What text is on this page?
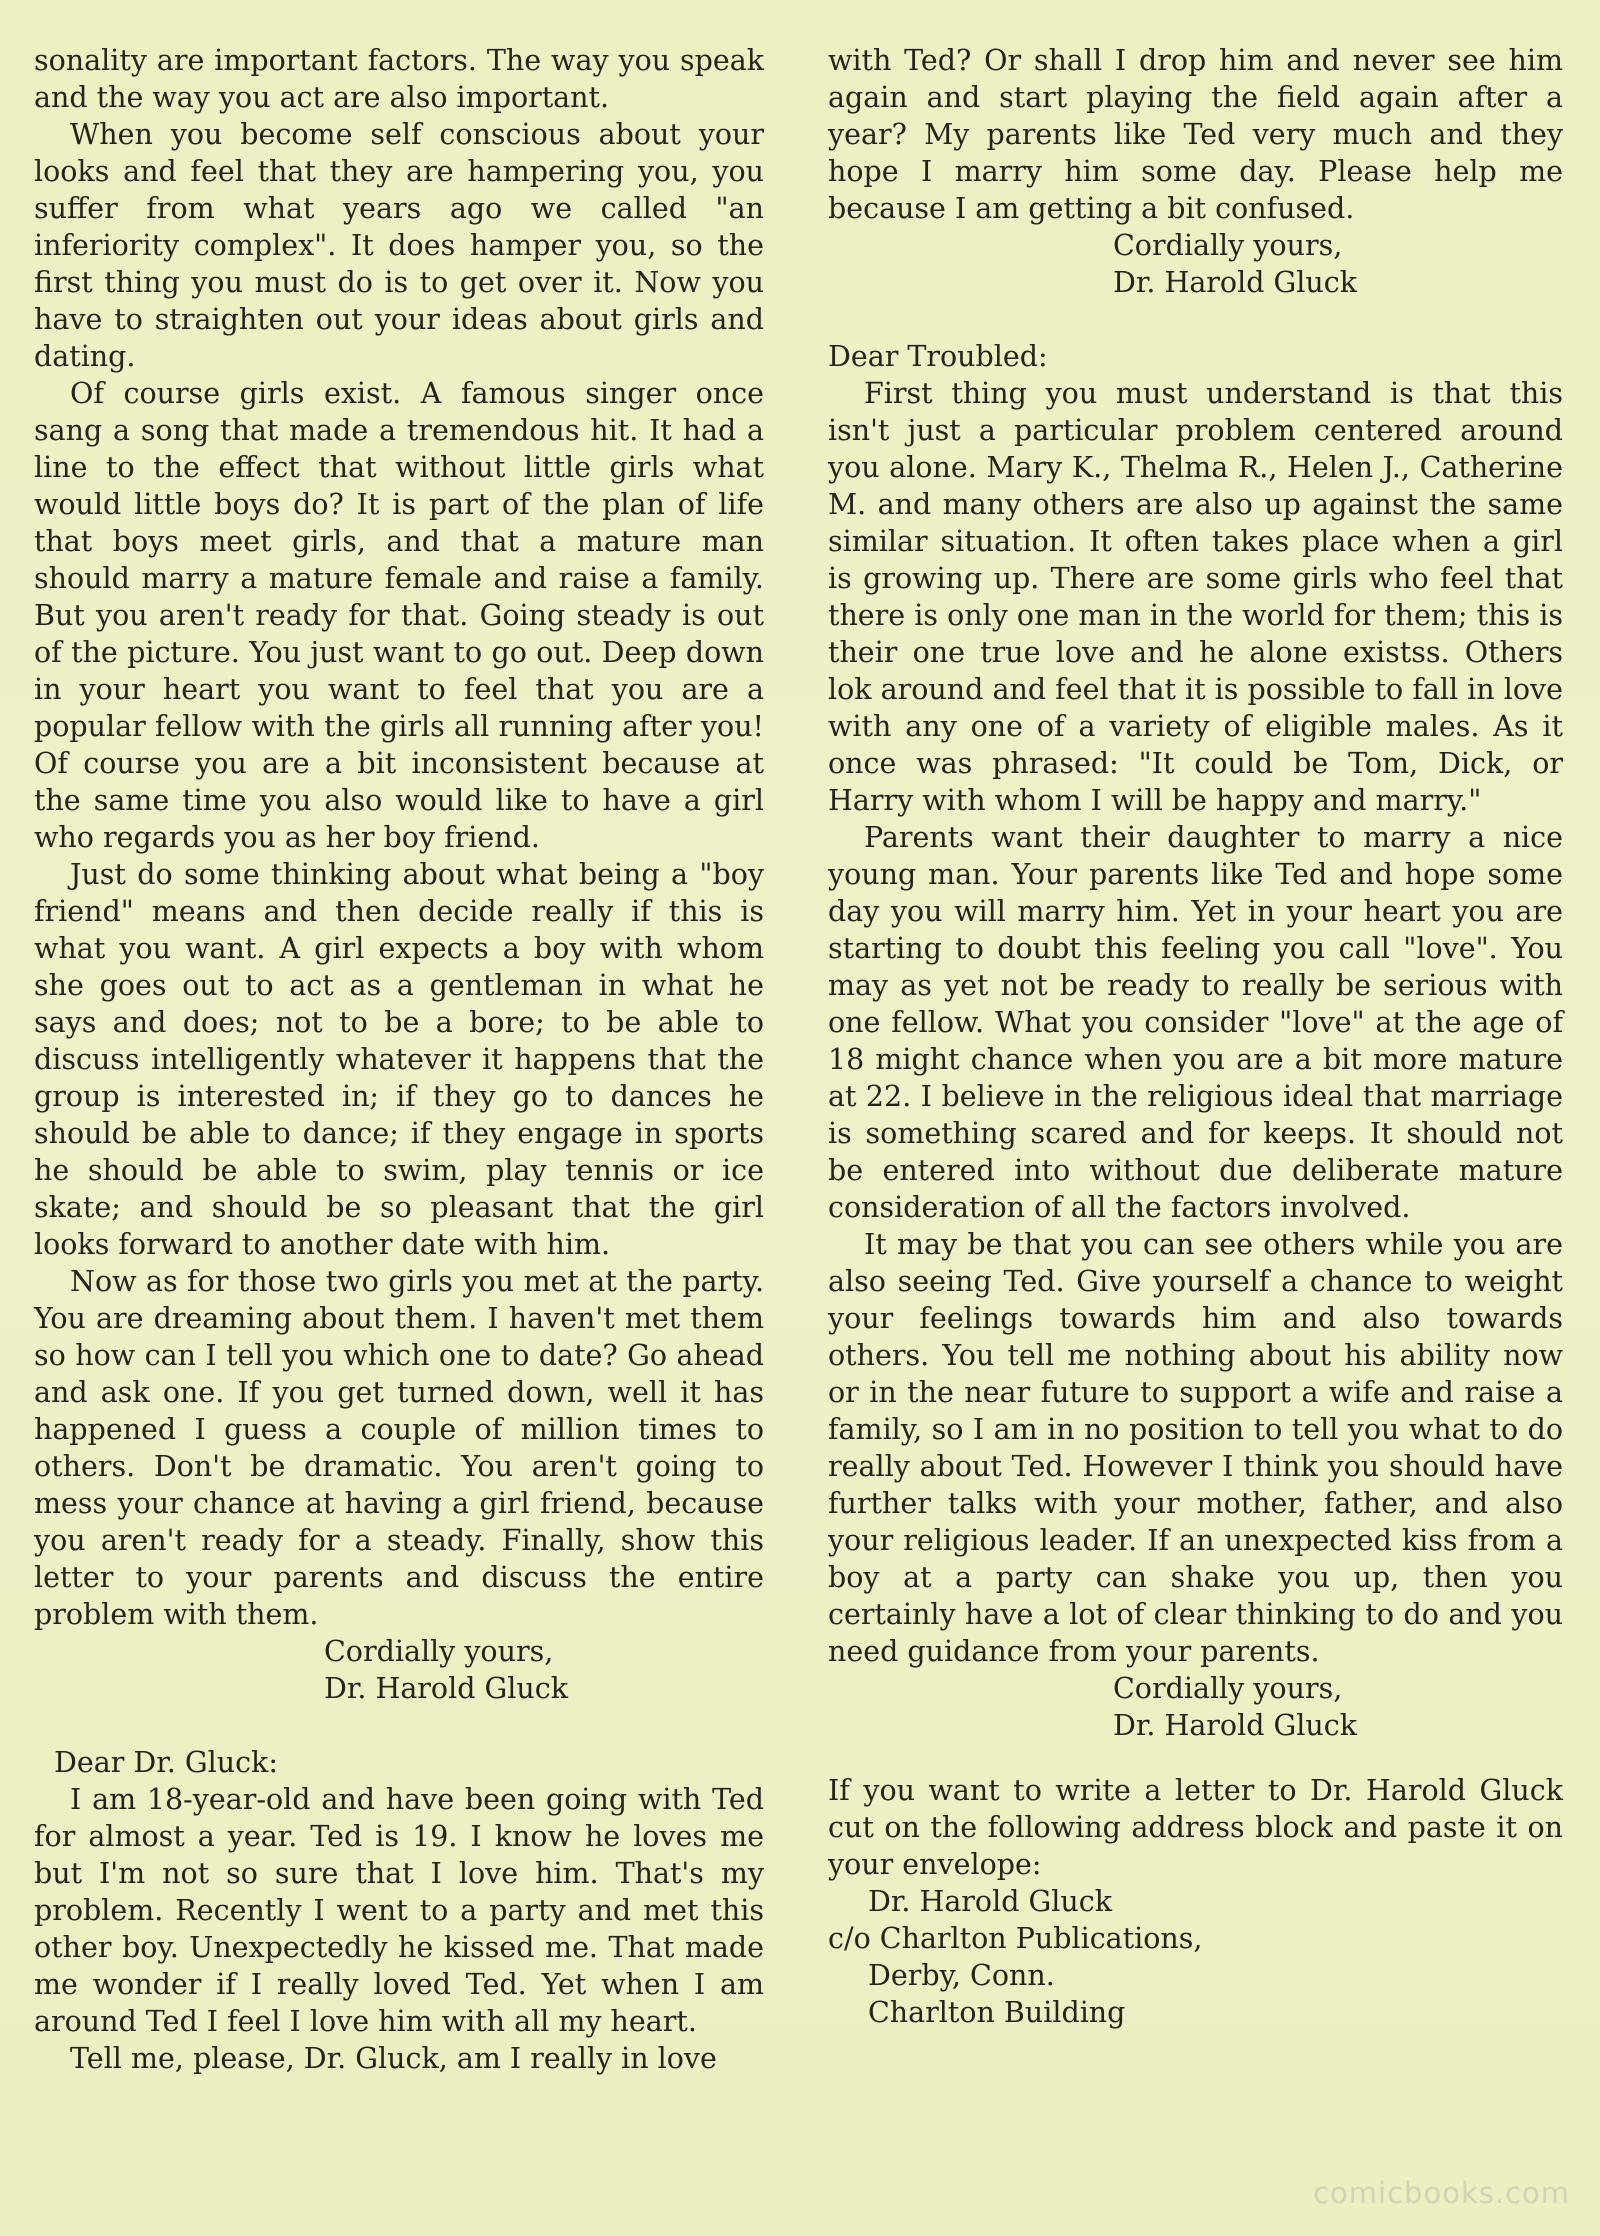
sonality are important factors. The way you speak and the way you act are also important.

When you become self conscious about your looks and feel that they are hampering you, you suffer from what years ago we called "an inferiority complex". It does hamper you, so the first thing you must do is to get over it. Now you have to straighten out your ideas about girls and dating.

Of course girls exist. A famous singer once sang a song that made a tremendous hit. It had a line to the effect that without little girls what would little boys do? It is part of the plan of life that boys meet girls, and that a mature man should marry a mature female and raise a family. But you aren't ready for that. Going steady is out of the picture. You just want to go out. Deep down in your heart you want to feel that you are a popular fellow with the girls all running after you! Of course you are a bit inconsistent because at the same time you also would like to have a girl who regards you as her boy friend.

Just do some thinking about what being a "boy friend" means and then decide really if this is what you want. A girl expects a boy with whom she goes out to act as a gentleman in what he says and does; not to be a bore; to be able to discuss intelligently whatever it happens that the group is interested in; if they go to dances he should be able to dance; if they engage in sports he should be able to swim, play tennis or ice skate; and should be so pleasant that the girl looks forward to another date with him.

Now as for those two girls you met at the party. You are dreaming about them. I haven't met them so how can I tell you which one to date? Go ahead and ask one. If you get turned down, well it has happened I guess a couple of million times to others. Don't be dramatic. You aren't going to mess your chance at having a girl friend, because you aren't ready for a steady. Finally, show this letter to your parents and discuss the entire problem with them.

Cordially yours,

Dr. Harold Gluck

Dear Dr. Gluck:

I am 18-year-old and have been going with Ted for almost a year. Ted is 19. I know he loves me but I'm not so sure that I love him. That's my problem. Recently I went to a party and met this other boy. Unexpectedly he kissed me. That made me wonder if I really loved Ted. Yet when I am around Ted I feel I love him with all my heart.

Tell me, please, Dr. Gluck, am I really in love

with Ted? Or shall I drop him and never see him again and start playing the field again after a year? My parents like Ted very much and they hope I marry him some day. Please help me because I am getting a bit confused.

Cordially yours,

Dr. Harold Gluck

Dear Troubled:

First thing you must understand is that this isn't just a particular problem centered around you alone. Mary K., Thelma R., Helen J., Catherine M. and many others are also up against the same similar situation. It often takes place when a girl is growing up. There are some girls who feel that there is only one man in the world for them; this is their one true love and he alone existss. Others lok around and feel that it is possible to fall in love with any one of a variety of eligible males. As it once was phrased: "It could be Tom, Dick, or Harry with whom I will be happy and marry."

Parents want their daughter to marry a nice young man. Your parents like Ted and hope some day you will marry him. Yet in your heart you are starting to doubt this feeling you call "love". You may as yet not be ready to really be serious with one fellow. What you consider "love" at the age of 18 might chance when you are a bit more mature at 22. I believe in the religious ideal that marriage is something scared and for keeps. It should not be entered into without due deliberate mature consideration of all the factors involved.

It may be that you can see others while you are also seeing Ted. Give yourself a chance to weight your feelings towards him and also towards others. You tell me nothing about his ability now or in the near future to support a wife and raise a family, so I am in no position to tell you what to do really about Ted. However I think you should have further talks with your mother, father, and also your religious leader. If an unexpected kiss from a boy at a party can shake you up, then you certainly have a lot of clear thinking to do and you need guidance from your parents.

Cordially yours,

Dr. Harold Gluck

If you want to write a letter to Dr. Harold Gluck cut on the following address block and paste it on your envelope:

Dr. Harold Gluck

c/o Charlton Publications,

Derby, Conn.

Charlton Building

comicbooks.com
